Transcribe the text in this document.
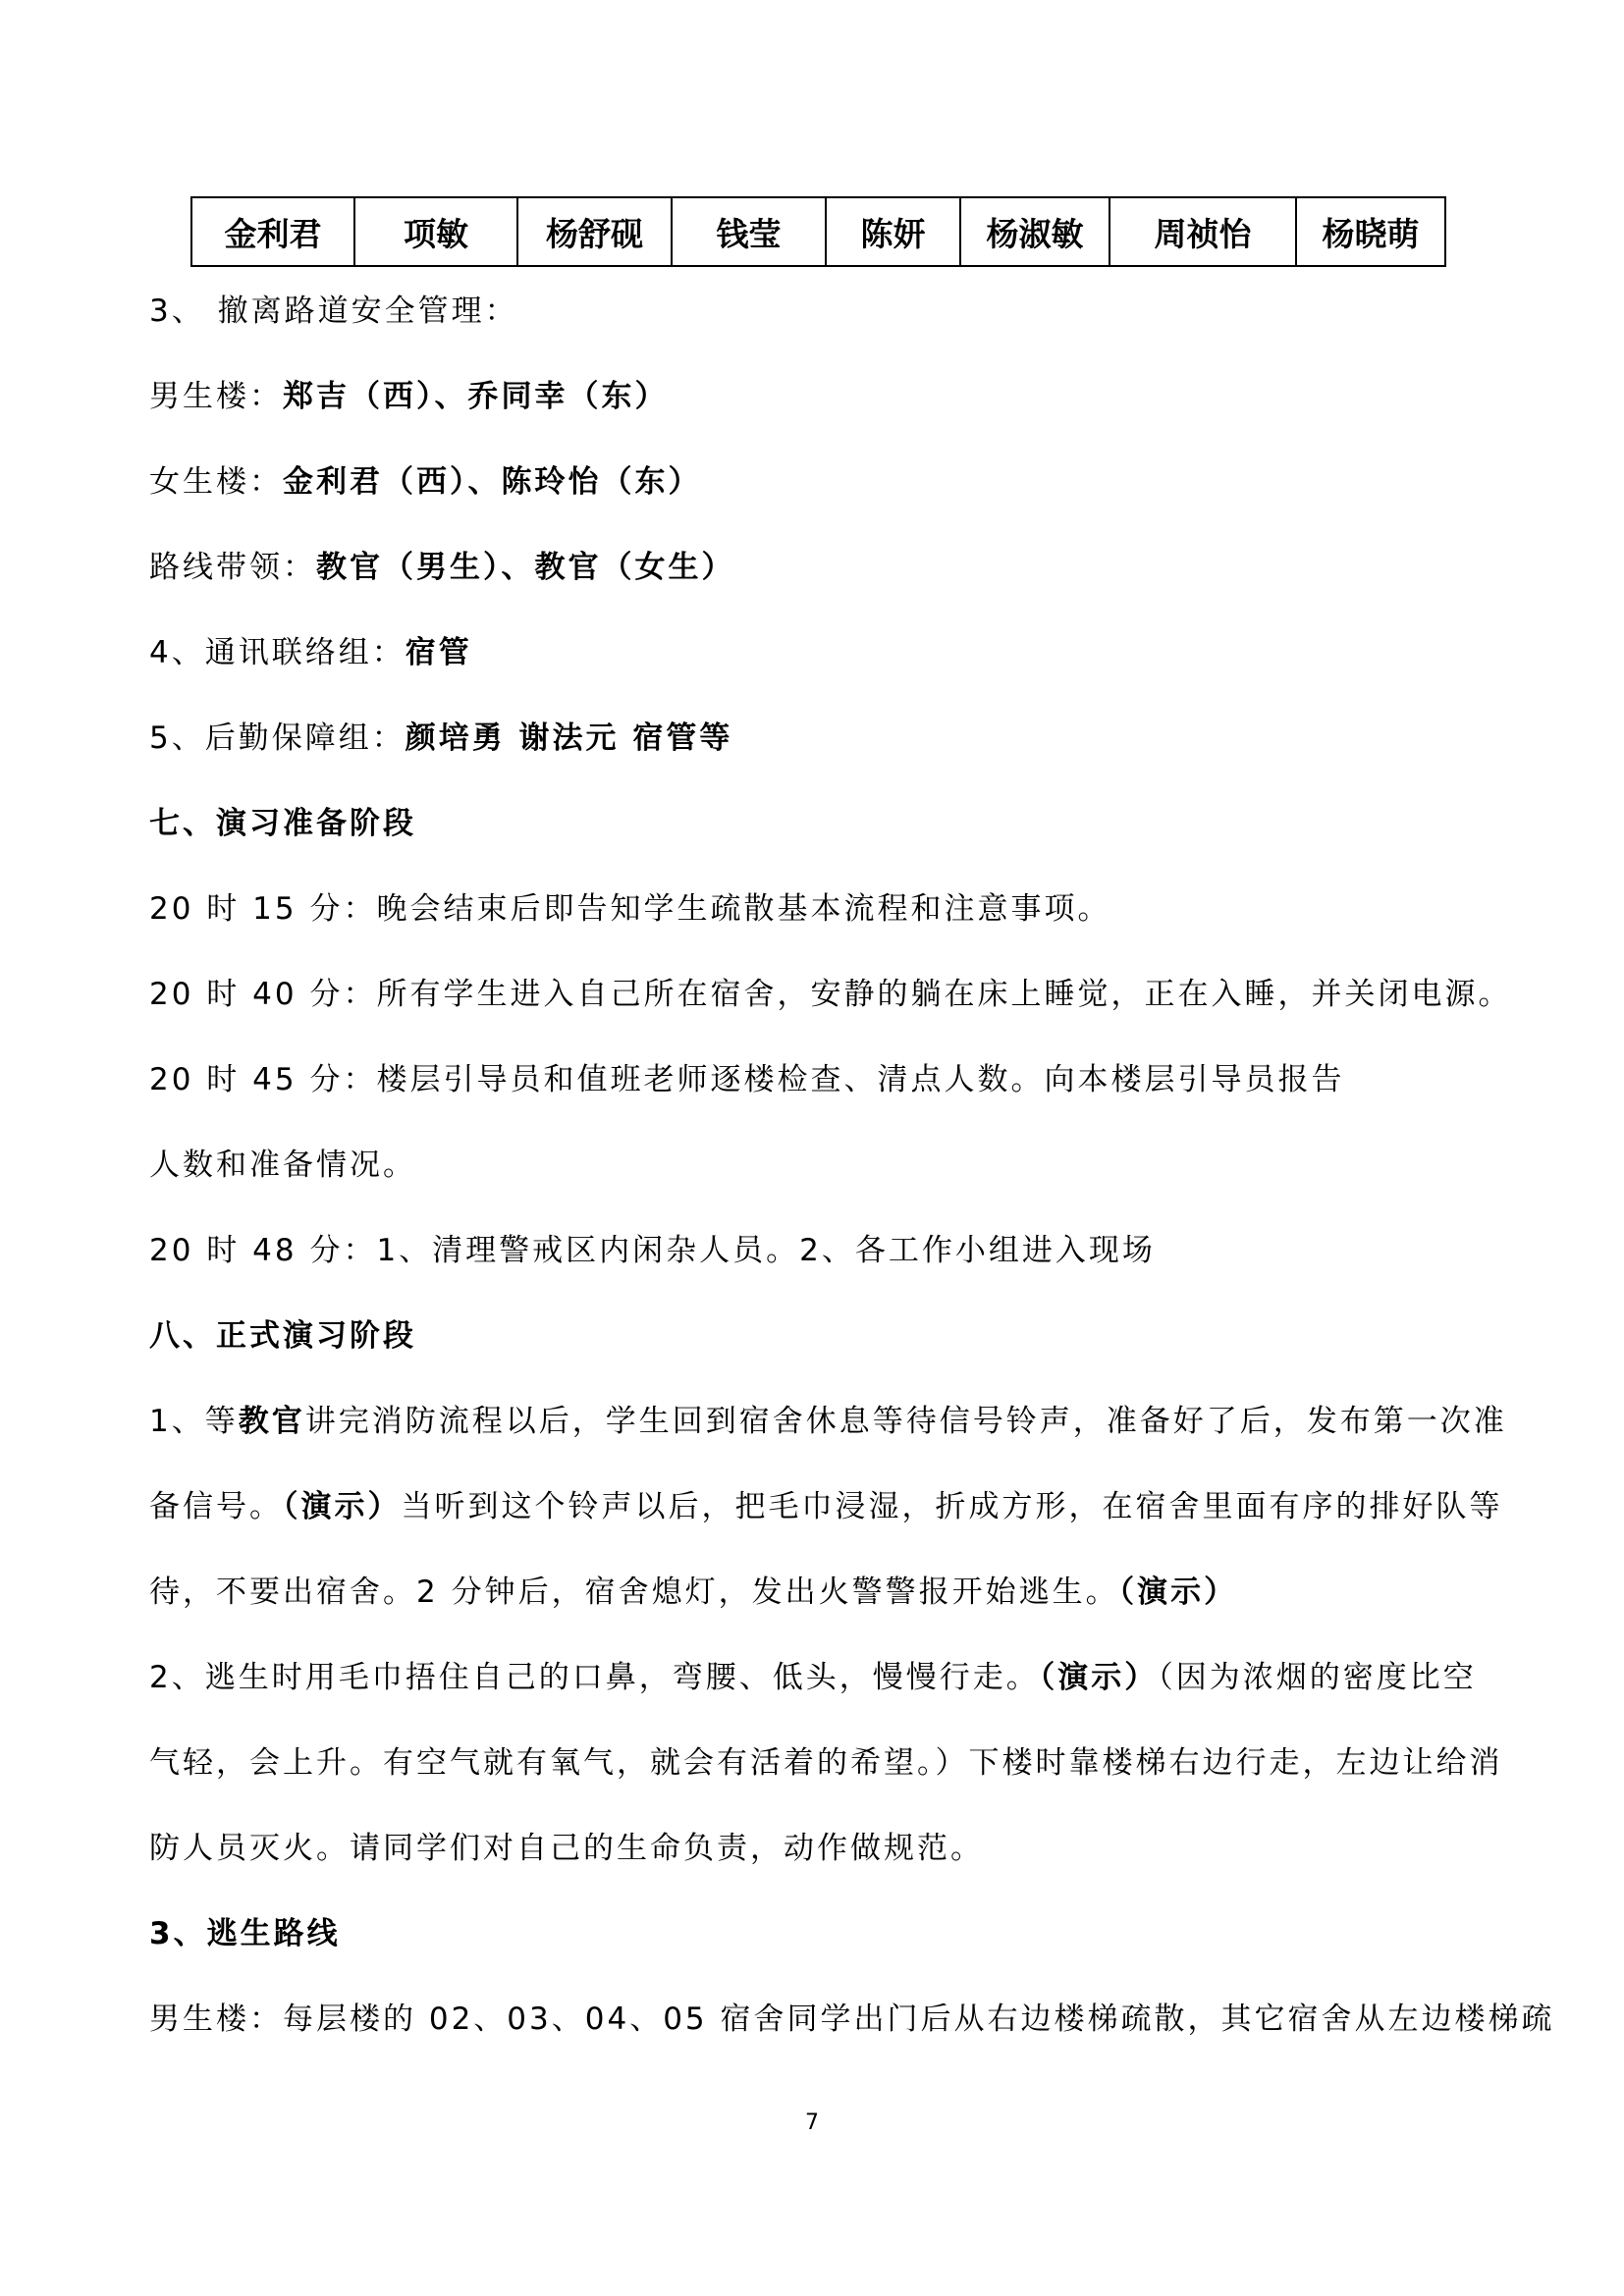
金利君	项敏	杨舒砚	钱莹	陈妍	杨淑敏	周祯怡	杨晓萌
3、 撤离路道安全管理：
男生楼：郑吉（西）、乔同幸（东）
女生楼：金利君（西）、陈玲怡（东）
路线带领：教官（男生）、教官（女生）
4、通讯联络组：宿管
5、后勤保障组：颜培勇 谢法元 宿管等
七、演习准备阶段
20 时 15 分：晚会结束后即告知学生疏散基本流程和注意事项。
20 时 40 分：所有学生进入自己所在宿舍，安静的躺在床上睡觉，正在入睡，并关闭电源。
20 时 45 分：楼层引导员和值班老师逐楼检查、清点人数。向本楼层引导员报告
人数和准备情况。
20 时 48 分：1、清理警戒区内闲杂人员。2、各工作小组进入现场
八、正式演习阶段
1、等教官讲完消防流程以后，学生回到宿舍休息等待信号铃声，准备好了后，发布第一次准
备信号。（演示）当听到这个铃声以后，把毛巾浸湿，折成方形，在宿舍里面有序的排好队等
待，不要出宿舍。2 分钟后，宿舍熄灯，发出火警警报开始逃生。（演示）
2、逃生时用毛巾捂住自己的口鼻，弯腰、低头，慢慢行走。（演示）（因为浓烟的密度比空
气轻，会上升。有空气就有氧气，就会有活着的希望。）下楼时靠楼梯右边行走，左边让给消
防人员灭火。请同学们对自己的生命负责，动作做规范。
3、逃生路线
男生楼：每层楼的 02、03、04、05 宿舍同学出门后从右边楼梯疏散，其它宿舍从左边楼梯疏
7
